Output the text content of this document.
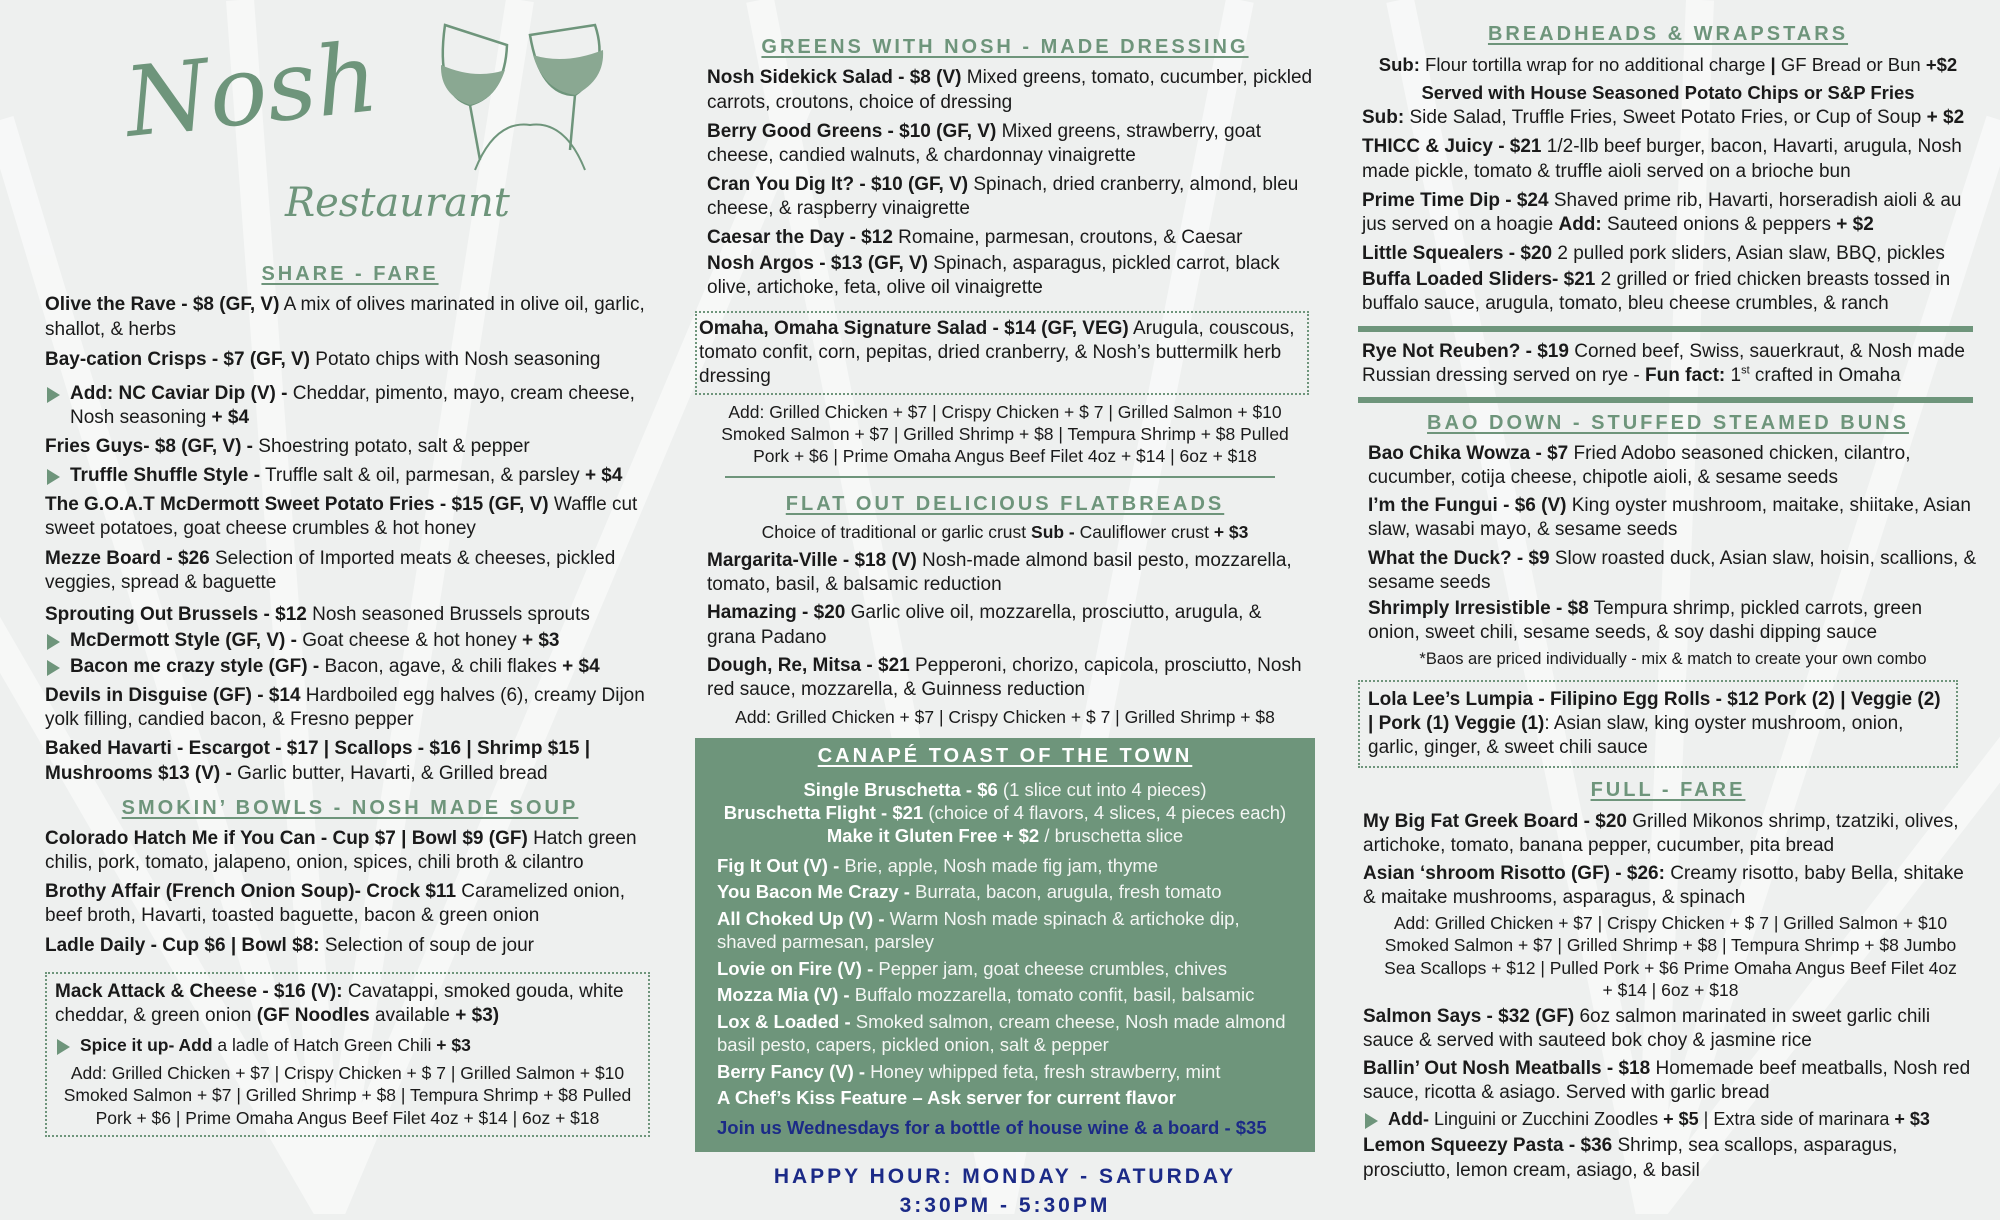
Nosh
Restaurant

SHARE - FARE

Olive the Rave - $8 (GF, V) A mix of olives marinated in olive oil, garlic, shallot, & herbs

Bay-cation Crisps - $7 (GF, V) Potato chips with Nosh seasoning

Add: NC Caviar Dip (V) - Cheddar, pimento, mayo, cream cheese, Nosh seasoning + $4

Fries Guys- $8 (GF, V) - Shoestring potato, salt & pepper

Truffle Shuffle Style - Truffle salt & oil, parmesan, & parsley + $4

The G.O.A.T McDermott Sweet Potato Fries - $15 (GF, V) Waffle cut sweet potatoes, goat cheese crumbles & hot honey

Mezze Board - $26 Selection of Imported meats & cheeses, pickled veggies, spread & baguette

Sprouting Out Brussels - $12 Nosh seasoned Brussels sprouts

McDermott Style (GF, V) - Goat cheese & hot honey + $3

Bacon me crazy style (GF) - Bacon, agave, & chili flakes + $4

Devils in Disguise (GF) - $14 Hardboiled egg halves (6), creamy Dijon yolk filling, candied bacon, & Fresno pepper

Baked Havarti - Escargot - $17 | Scallops - $16 | Shrimp $15 | Mushrooms $13 (V) - Garlic butter, Havarti, & Grilled bread

SMOKIN’ BOWLS - NOSH MADE SOUP

Colorado Hatch Me if You Can - Cup $7 | Bowl $9 (GF) Hatch green chilis, pork, tomato, jalapeno, onion, spices, chili broth & cilantro

Brothy Affair (French Onion Soup)- Crock $11 Caramelized onion, beef broth, Havarti, toasted baguette, bacon & green onion

Ladle Daily - Cup $6 | Bowl $8: Selection of soup de jour

Mack Attack & Cheese - $16 (V): Cavatappi, smoked gouda, white cheddar, & green onion (GF Noodles available + $3)

Spice it up- Add a ladle of Hatch Green Chili + $3

Add: Grilled Chicken + $7 | Crispy Chicken + $ 7 | Grilled Salmon + $10 Smoked Salmon + $7 | Grilled Shrimp + $8 | Tempura Shrimp + $8 Pulled Pork + $6 | Prime Omaha Angus Beef Filet 4oz + $14 | 6oz + $18

GREENS WITH NOSH - MADE DRESSING

Nosh Sidekick Salad - $8 (V) Mixed greens, tomato, cucumber, pickled carrots, croutons, choice of dressing

Berry Good Greens - $10 (GF, V) Mixed greens, strawberry, goat cheese, candied walnuts, & chardonnay vinaigrette

Cran You Dig It? - $10 (GF, V) Spinach, dried cranberry, almond, bleu cheese, & raspberry vinaigrette

Caesar the Day - $12 Romaine, parmesan, croutons, & Caesar

Nosh Argos - $13 (GF, V) Spinach, asparagus, pickled carrot, black olive, artichoke, feta, olive oil vinaigrette

Omaha, Omaha Signature Salad - $14 (GF, VEG) Arugula, couscous, tomato confit, corn, pepitas, dried cranberry, & Nosh’s buttermilk herb dressing

Add: Grilled Chicken + $7 | Crispy Chicken + $ 7 | Grilled Salmon + $10 Smoked Salmon + $7 | Grilled Shrimp + $8 | Tempura Shrimp + $8 Pulled Pork + $6 | Prime Omaha Angus Beef Filet 4oz + $14 | 6oz + $18

FLAT OUT DELICIOUS FLATBREADS

Choice of traditional or garlic crust Sub - Cauliflower crust + $3

Margarita-Ville - $18 (V) Nosh-made almond basil pesto, mozzarella, tomato, basil, & balsamic reduction

Hamazing - $20 Garlic olive oil, mozzarella, prosciutto, arugula, & grana Padano

Dough, Re, Mitsa - $21 Pepperoni, chorizo, capicola, prosciutto, Nosh red sauce, mozzarella, & Guinness reduction

Add: Grilled Chicken + $7 | Crispy Chicken + $ 7 | Grilled Shrimp + $8

CANAPÉ TOAST OF THE TOWN

Single Bruschetta - $6 (1 slice cut into 4 pieces)

Bruschetta Flight - $21 (choice of 4 flavors, 4 slices, 4 pieces each)

Make it Gluten Free + $2 / bruschetta slice

Fig It Out (V) - Brie, apple, Nosh made fig jam, thyme

You Bacon Me Crazy - Burrata, bacon, arugula, fresh tomato

All Choked Up (V) - Warm Nosh made spinach & artichoke dip, shaved parmesan, parsley

Lovie on Fire (V) - Pepper jam, goat cheese crumbles, chives

Mozza Mia (V) - Buffalo mozzarella, tomato confit, basil, balsamic

Lox & Loaded - Smoked salmon, cream cheese, Nosh made almond basil pesto, capers, pickled onion, salt & pepper

Berry Fancy (V) - Honey whipped feta, fresh strawberry, mint

A Chef’s Kiss Feature – Ask server for current flavor

Join us Wednesdays for a bottle of house wine & a board - $35

HAPPY HOUR: MONDAY - SATURDAY

3:30PM - 5:30PM

BREADHEADS & WRAPSTARS

Sub: Flour tortilla wrap for no additional charge | GF Bread or Bun +$2

Served with House Seasoned Potato Chips or S&P Fries

Sub: Side Salad, Truffle Fries, Sweet Potato Fries, or Cup of Soup + $2

THICC & Juicy - $21 1/2-llb beef burger, bacon, Havarti, arugula, Nosh made pickle, tomato & truffle aioli served on a brioche bun

Prime Time Dip - $24 Shaved prime rib, Havarti, horseradish aioli & au jus served on a hoagie Add: Sauteed onions & peppers + $2

Little Squealers - $20 2 pulled pork sliders, Asian slaw, BBQ, pickles

Buffa Loaded Sliders- $21 2 grilled or fried chicken breasts tossed in buffalo sauce, arugula, tomato, bleu cheese crumbles, & ranch

Rye Not Reuben? - $19 Corned beef, Swiss, sauerkraut, & Nosh made Russian dressing served on rye - Fun fact: 1st crafted in Omaha

BAO DOWN - STUFFED STEAMED BUNS

Bao Chika Wowza - $7 Fried Adobo seasoned chicken, cilantro, cucumber, cotija cheese, chipotle aioli, & sesame seeds

I’m the Fungui - $6 (V) King oyster mushroom, maitake, shiitake, Asian slaw, wasabi mayo, & sesame seeds

What the Duck? - $9 Slow roasted duck, Asian slaw, hoisin, scallions, & sesame seeds

Shrimply Irresistible - $8 Tempura shrimp, pickled carrots, green onion, sweet chili, sesame seeds, & soy dashi dipping sauce

*Baos are priced individually - mix & match to create your own combo

Lola Lee’s Lumpia - Filipino Egg Rolls - $12 Pork (2) | Veggie (2) | Pork (1) Veggie (1): Asian slaw, king oyster mushroom, onion, garlic, ginger, & sweet chili sauce

FULL - FARE

My Big Fat Greek Board - $20 Grilled Mikonos shrimp, tzatziki, olives, artichoke, tomato, banana pepper, cucumber, pita bread

Asian ‘shroom Risotto (GF) - $26: Creamy risotto, baby Bella, shitake & maitake mushrooms, asparagus, & spinach

Add: Grilled Chicken + $7 | Crispy Chicken + $ 7 | Grilled Salmon + $10 Smoked Salmon + $7 | Grilled Shrimp + $8 | Tempura Shrimp + $8 Jumbo Sea Scallops + $12 | Pulled Pork + $6 Prime Omaha Angus Beef Filet 4oz + $14 | 6oz + $18

Salmon Says - $32 (GF) 6oz salmon marinated in sweet garlic chili sauce & served with sauteed bok choy & jasmine rice

Ballin’ Out Nosh Meatballs - $18 Homemade beef meatballs, Nosh red sauce, ricotta & asiago. Served with garlic bread

Add- Linguini or Zucchini Zoodles + $5 | Extra side of marinara + $3

Lemon Squeezy Pasta - $36 Shrimp, sea scallops, asparagus, prosciutto, lemon cream, asiago, & basil
